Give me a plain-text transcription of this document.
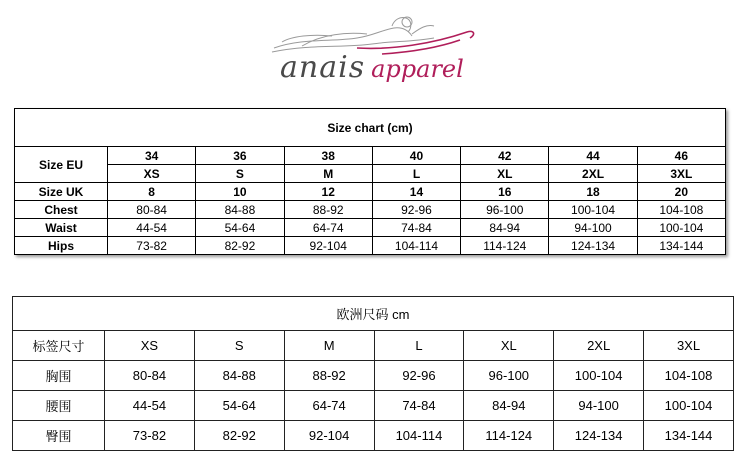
anais apparel
Size chart (cm)							
Size EU	34	36	38	40	42	44	46
	XS	S	M	L	XL	2XL	3XL
Size UK	8	10	12	14	16	18	20
Chest	80-84	84-88	88-92	92-96	96-100	100-104	104-108
Waist	44-54	54-64	64-74	74-84	84-94	94-100	100-104
Hips	73-82	82-92	92-104	104-114	114-124	124-134	134-144
欧洲尺码 cm							
标签尺寸	XS	S	M	L	XL	2XL	3XL
胸围	80-84	84-88	88-92	92-96	96-100	100-104	104-108
腰围	44-54	54-64	64-74	74-84	84-94	94-100	100-104
臀围	73-82	82-92	92-104	104-114	114-124	124-134	134-144
